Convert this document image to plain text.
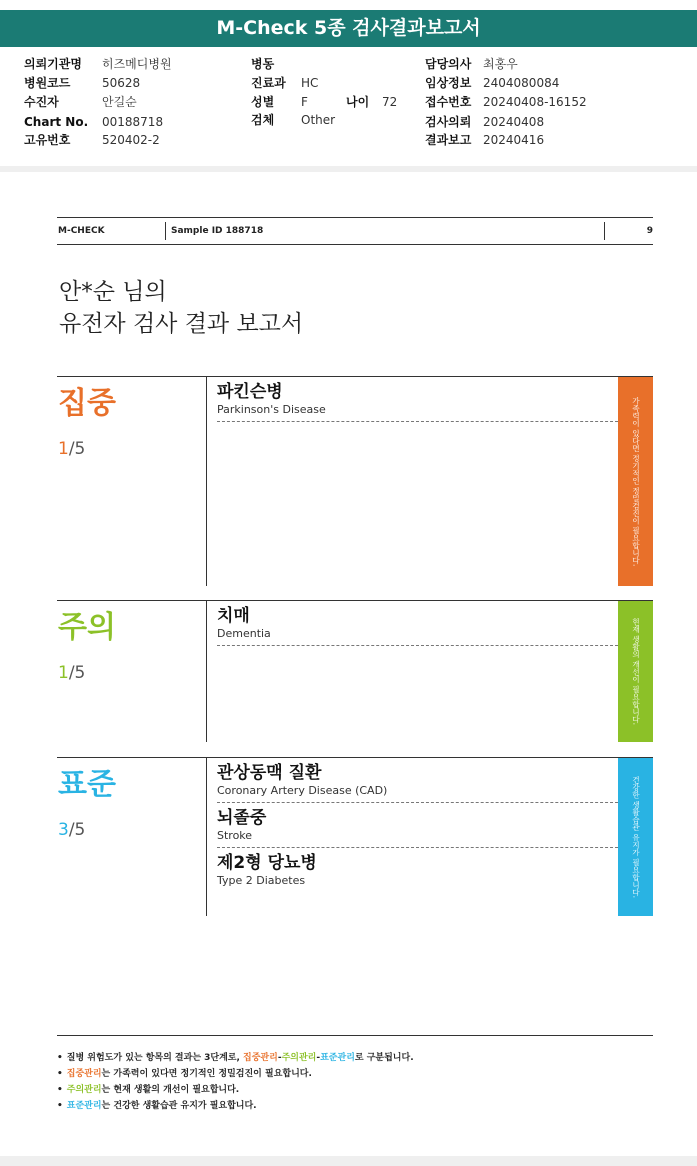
M-Check 5종 검사결과보고서
의뢰기관명 히즈메디병원
병원코드	50628
수진자	안길순
Chart No. 00188718
고유번호	520402-2
병동
진료과 HC
성별 F	나이 72
검체 Other
담당의사 최홍우
임상정보 2404080084
접수번호 20240408-16152
검사의뢰 20240408
결과보고 20240416
M-CHECK	Sample ID 188718	9
안*순 님의
유전자 검사 결과 보고서
집중
1/5
파킨슨병
Parkinson's Disease	가족력이 있다면 정기적인 정밀검진이 필요합니다.
주의
1/5
치매
Dementia	현재 생활의 개선이 필요합니다.
표준
3/5
관상동맥 질환
Coronary Artery Disease (CAD)
뇌졸중
Stroke
제2형 당뇨병
Type 2 Diabetes	건강한 생활습관 유지가 필요합니다.
• 질병 위험도가 있는 항목의 결과는 3단계로, 집중관리-주의관리-표준관리로 구분됩니다.
• 집중관리는 가족력이 있다면 정기적인 정밀검진이 필요합니다.
• 주의관리는 현재 생활의 개선이 필요합니다.
• 표준관리는 건강한 생활습관 유지가 필요합니다.
